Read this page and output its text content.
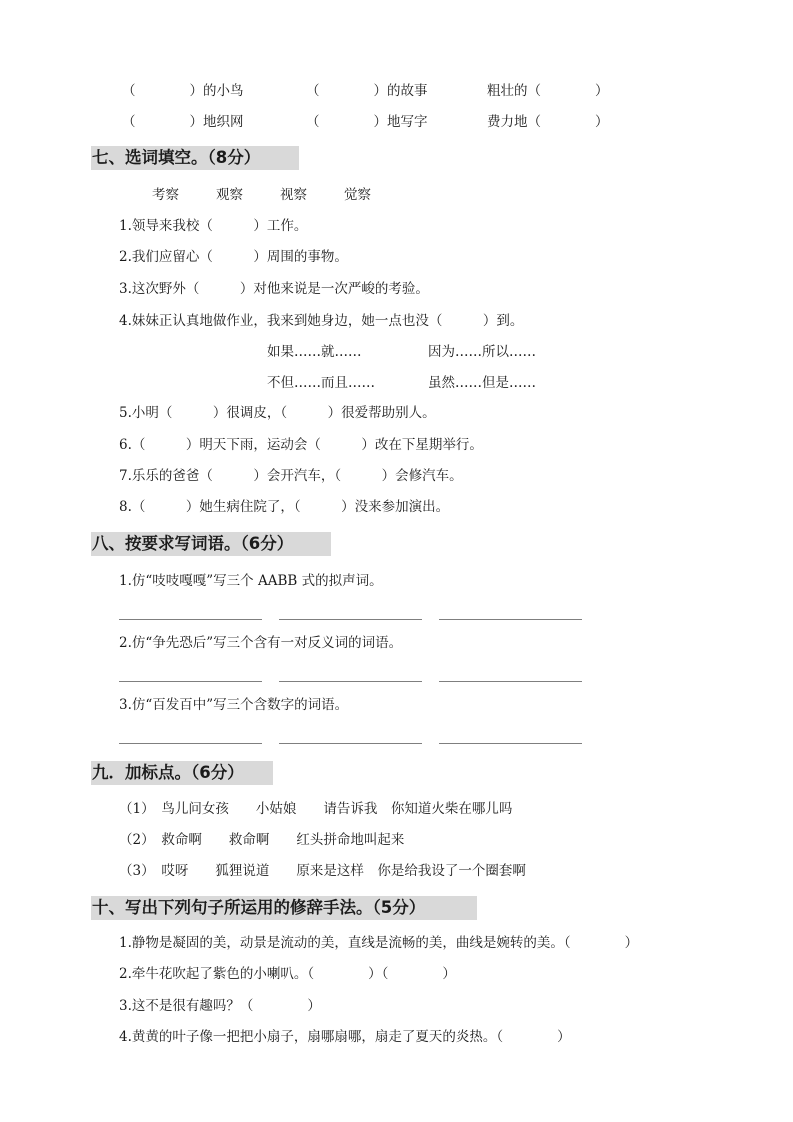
（　　　　）的小鸟	（　　　　）的故事	粗壮的（　　　　）
（　　　　）地织网	（　　　　）地写字	费力地（　　　　）
七、选词填空。（8分）
考察	观察	视察	觉察
1.领导来我校（　　　）工作。
2.我们应留心（　　　）周围的事物。
3.这次野外（　　　）对他来说是一次严峻的考验。
4.妹妹正认真地做作业，我来到她身边，她一点也没（　　　）到。
如果……就……	因为……所以……
不但……而且……	虽然……但是……
5.小明（　　　）很调皮，（　　　）很爱帮助别人。
6.（　　　）明天下雨，运动会（　　　）改在下星期举行。
7.乐乐的爸爸（　　　）会开汽车，（　　　）会修汽车。
8.（　　　）她生病住院了，（　　　）没来参加演出。
八、按要求写词语。（6分）
1.仿“吱吱嘎嘎”写三个 AABB 式的拟声词。
2.仿“争先恐后”写三个含有一对反义词的词语。
3.仿“百发百中”写三个含数字的词语。
九．加标点。（6分）
（1）　鸟儿问女孩　　小姑娘　　请告诉我　你知道火柴在哪儿吗
（2）　救命啊　　救命啊　　红头拼命地叫起来
（3）　哎呀　　狐狸说道　　原来是这样　你是给我设了一个圈套啊
十、写出下列句子所运用的修辞手法。（5分）
1.静物是凝固的美，动景是流动的美，直线是流畅的美，曲线是婉转的美。（　　　　）
2.牵牛花吹起了紫色的小喇叭。（　　　　）（　　　　）
3.这不是很有趣吗？（　　　　）
4.黄黄的叶子像一把把小扇子，扇哪扇哪，扇走了夏天的炎热。（　　　　）
